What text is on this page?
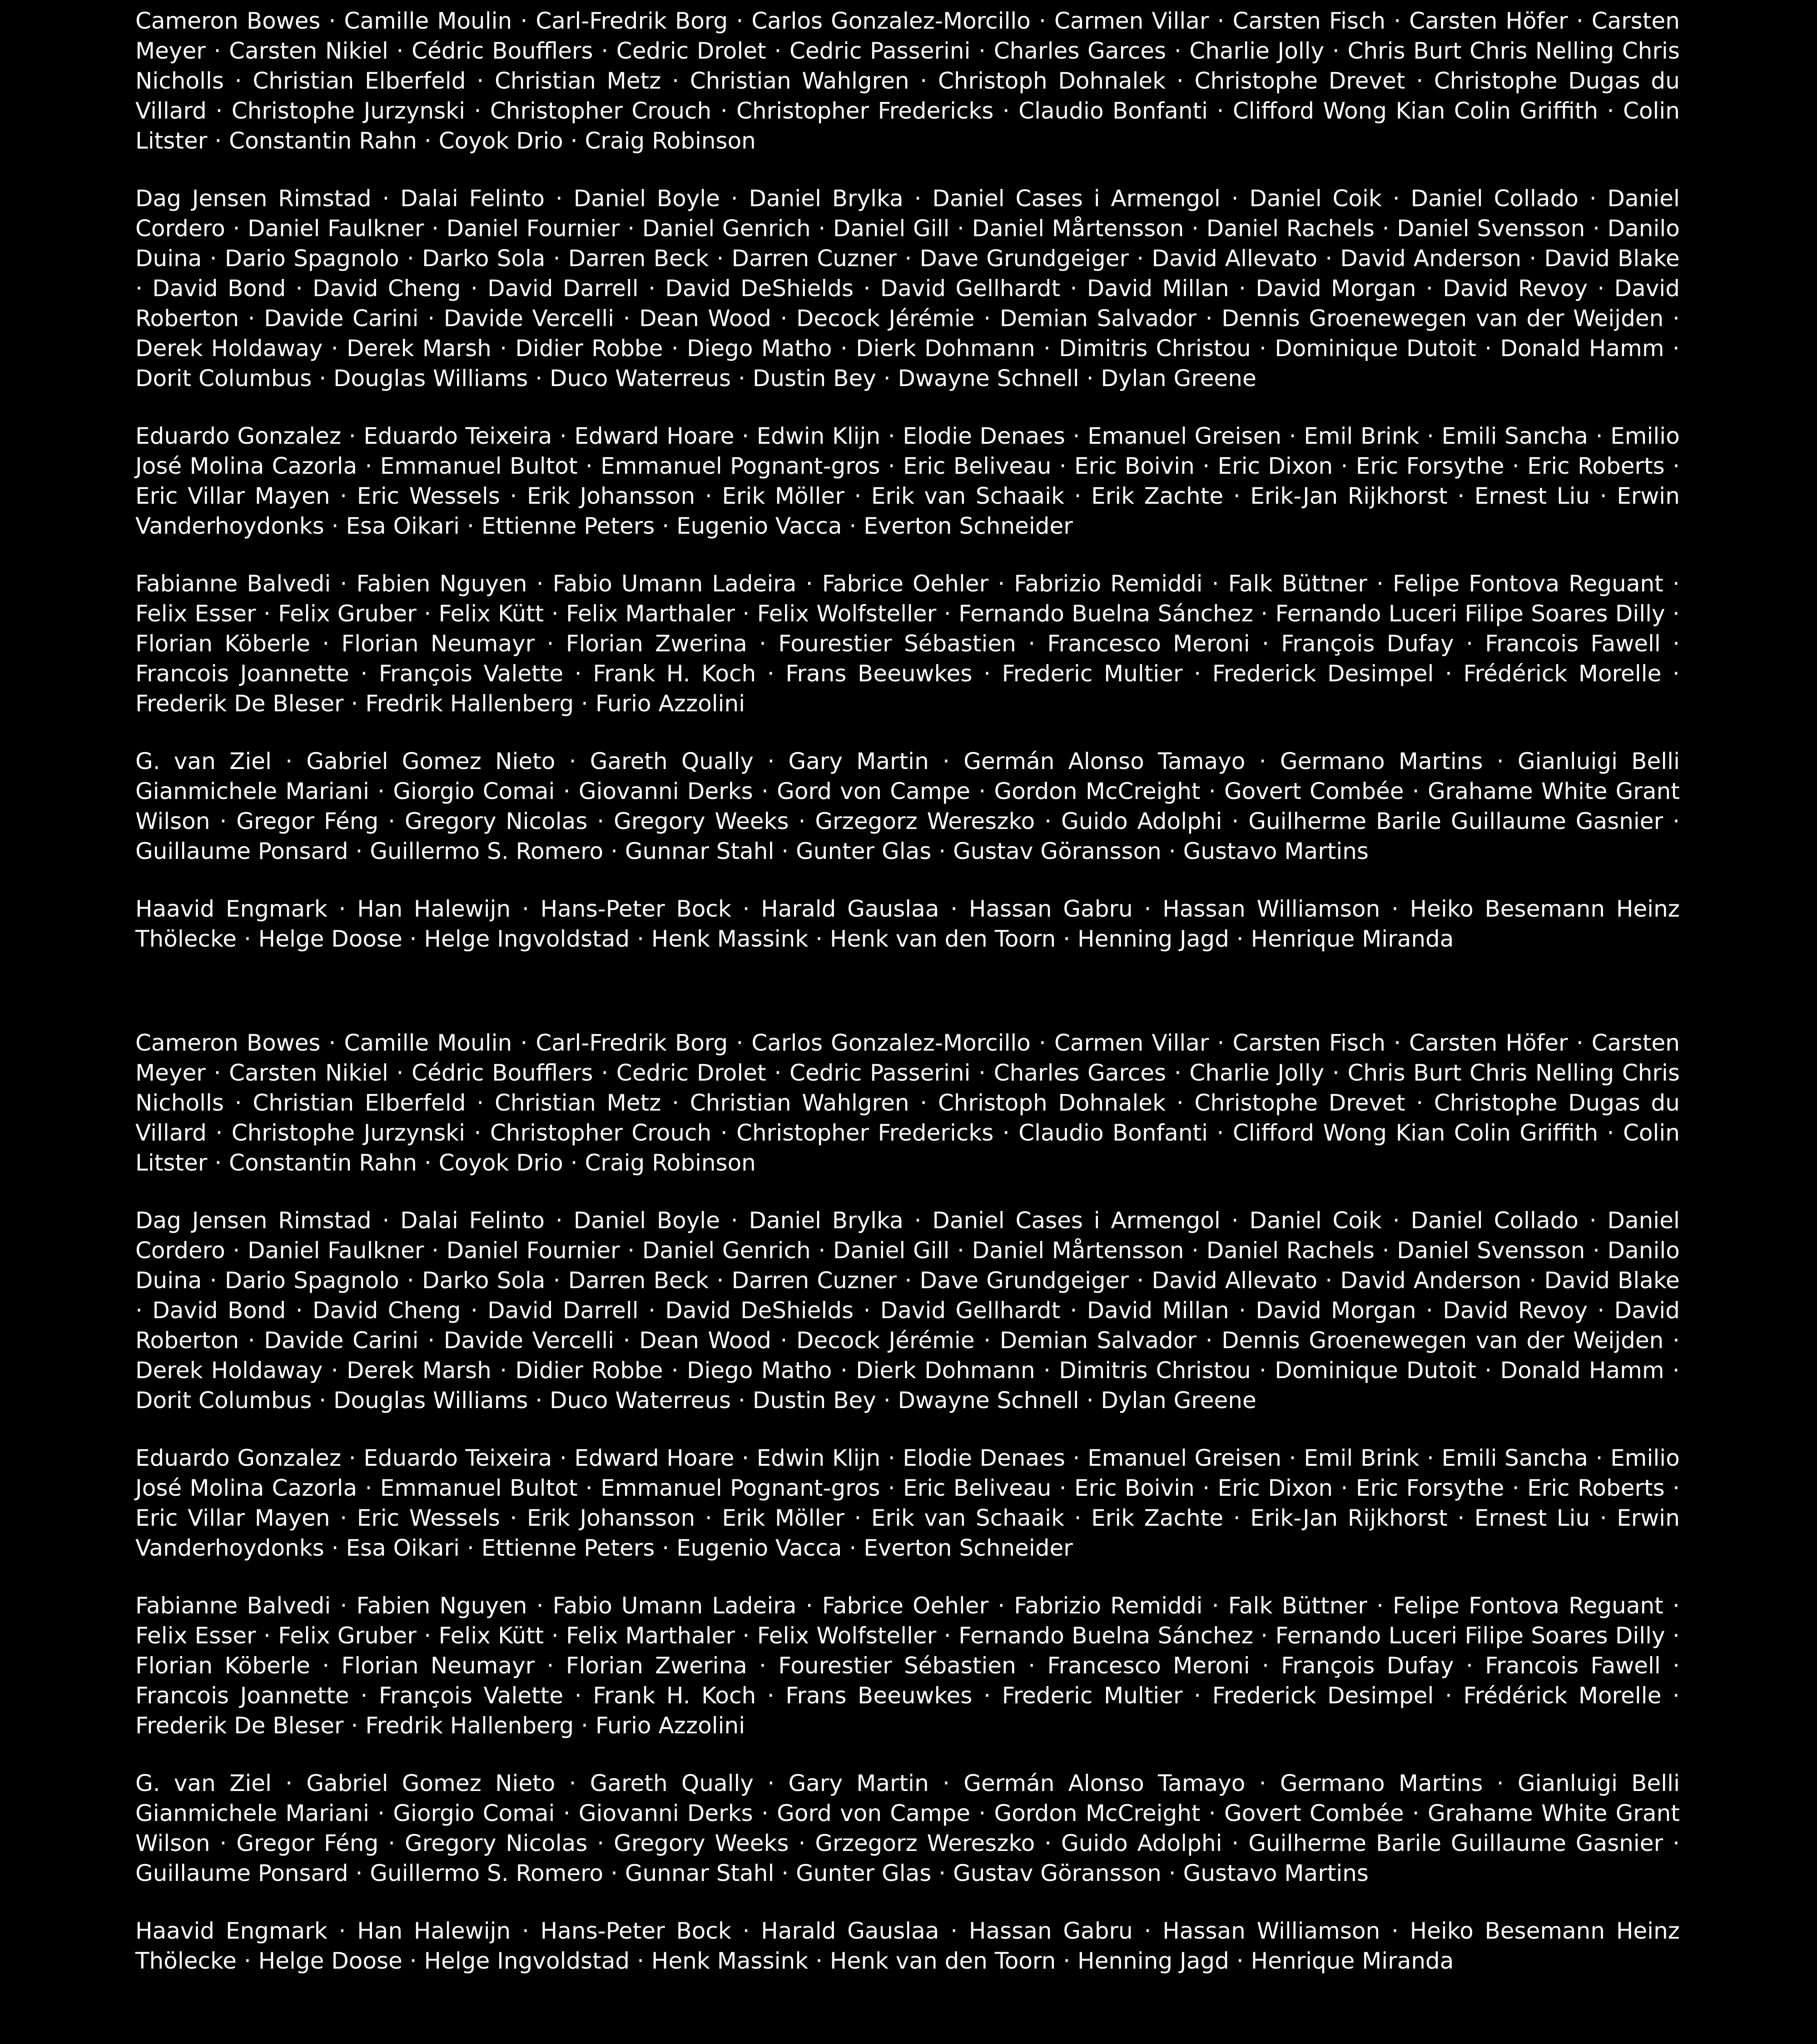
Cameron Bowes · Camille Moulin · Carl-Fredrik Borg · Carlos Gonzalez-Morcillo · Carmen Villar · Carsten Fisch · Carsten Höfer · Carsten Meyer · Carsten Nikiel · Cédric Boufflers · Cedric Drolet · Cedric Passerini · Charles Garces · Charlie Jolly · Chris Burt Chris Nelling Chris Nicholls · Christian Elberfeld · Christian Metz · Christian Wahlgren · Christoph Dohnalek · Christophe Drevet · Christophe Dugas du Villard · Christophe Jurzynski · Christopher Crouch · Christopher Fredericks · Claudio Bonfanti · Clifford Wong Kian Colin Griffith · Colin Litster · Constantin Rahn · Coyok Drio · Craig Robinson

Dag Jensen Rimstad · Dalai Felinto · Daniel Boyle · Daniel Brylka · Daniel Cases i Armengol · Daniel Coik · Daniel Collado · Daniel Cordero · Daniel Faulkner · Daniel Fournier · Daniel Genrich · Daniel Gill · Daniel Mårtensson · Daniel Rachels · Daniel Svensson · Danilo Duina · Dario Spagnolo · Darko Sola · Darren Beck · Darren Cuzner · Dave Grundgeiger · David Allevato · David Anderson · David Blake · David Bond · David Cheng · David Darrell · David DeShields · David Gellhardt · David Millan · David Morgan · David Revoy · David Roberton · Davide Carini · Davide Vercelli · Dean Wood · Decock Jérémie · Demian Salvador · Dennis Groenewegen van der Weijden · Derek Holdaway · Derek Marsh · Didier Robbe · Diego Matho · Dierk Dohmann · Dimitris Christou · Dominique Dutoit · Donald Hamm · Dorit Columbus · Douglas Williams · Duco Waterreus · Dustin Bey · Dwayne Schnell · Dylan Greene

Eduardo Gonzalez · Eduardo Teixeira · Edward Hoare · Edwin Klijn · Elodie Denaes · Emanuel Greisen · Emil Brink · Emili Sancha · Emilio José Molina Cazorla · Emmanuel Bultot · Emmanuel Pognant-gros · Eric Beliveau · Eric Boivin · Eric Dixon · Eric Forsythe · Eric Roberts · Eric Villar Mayen · Eric Wessels · Erik Johansson · Erik Möller · Erik van Schaaik · Erik Zachte · Erik-Jan Rijkhorst · Ernest Liu · Erwin Vanderhoydonks · Esa Oikari · Ettienne Peters · Eugenio Vacca · Everton Schneider

Fabianne Balvedi · Fabien Nguyen · Fabio Umann Ladeira · Fabrice Oehler · Fabrizio Remiddi · Falk Büttner · Felipe Fontova Reguant · Felix Esser · Felix Gruber · Felix Kütt · Felix Marthaler · Felix Wolfsteller · Fernando Buelna Sánchez · Fernando Luceri Filipe Soares Dilly · Florian Köberle · Florian Neumayr · Florian Zwerina · Fourestier Sébastien · Francesco Meroni · François Dufay · Francois Fawell · Francois Joannette · François Valette · Frank H. Koch · Frans Beeuwkes · Frederic Multier · Frederick Desimpel · Frédérick Morelle · Frederik De Bleser · Fredrik Hallenberg · Furio Azzolini

G. van Ziel · Gabriel Gomez Nieto · Gareth Qually · Gary Martin · Germán Alonso Tamayo · Germano Martins · Gianluigi Belli Gianmichele Mariani · Giorgio Comai · Giovanni Derks · Gord von Campe · Gordon McCreight · Govert Combée · Grahame White Grant Wilson · Gregor Féng · Gregory Nicolas · Gregory Weeks · Grzegorz Wereszko · Guido Adolphi · Guilherme Barile Guillaume Gasnier · Guillaume Ponsard · Guillermo S. Romero · Gunnar Stahl · Gunter Glas · Gustav Göransson · Gustavo Martins

Haavid Engmark · Han Halewijn · Hans-Peter Bock · Harald Gauslaa · Hassan Gabru · Hassan Williamson · Heiko Besemann Heinz Thölecke · Helge Doose · Helge Ingvoldstad · Henk Massink · Henk van den Toorn · Henning Jagd · Henrique Miranda

Cameron Bowes · Camille Moulin · Carl-Fredrik Borg · Carlos Gonzalez-Morcillo · Carmen Villar · Carsten Fisch · Carsten Höfer · Carsten Meyer · Carsten Nikiel · Cédric Boufflers · Cedric Drolet · Cedric Passerini · Charles Garces · Charlie Jolly · Chris Burt Chris Nelling Chris Nicholls · Christian Elberfeld · Christian Metz · Christian Wahlgren · Christoph Dohnalek · Christophe Drevet · Christophe Dugas du Villard · Christophe Jurzynski · Christopher Crouch · Christopher Fredericks · Claudio Bonfanti · Clifford Wong Kian Colin Griffith · Colin Litster · Constantin Rahn · Coyok Drio · Craig Robinson

Dag Jensen Rimstad · Dalai Felinto · Daniel Boyle · Daniel Brylka · Daniel Cases i Armengol · Daniel Coik · Daniel Collado · Daniel Cordero · Daniel Faulkner · Daniel Fournier · Daniel Genrich · Daniel Gill · Daniel Mårtensson · Daniel Rachels · Daniel Svensson · Danilo Duina · Dario Spagnolo · Darko Sola · Darren Beck · Darren Cuzner · Dave Grundgeiger · David Allevato · David Anderson · David Blake · David Bond · David Cheng · David Darrell · David DeShields · David Gellhardt · David Millan · David Morgan · David Revoy · David Roberton · Davide Carini · Davide Vercelli · Dean Wood · Decock Jérémie · Demian Salvador · Dennis Groenewegen van der Weijden · Derek Holdaway · Derek Marsh · Didier Robbe · Diego Matho · Dierk Dohmann · Dimitris Christou · Dominique Dutoit · Donald Hamm · Dorit Columbus · Douglas Williams · Duco Waterreus · Dustin Bey · Dwayne Schnell · Dylan Greene

Eduardo Gonzalez · Eduardo Teixeira · Edward Hoare · Edwin Klijn · Elodie Denaes · Emanuel Greisen · Emil Brink · Emili Sancha · Emilio José Molina Cazorla · Emmanuel Bultot · Emmanuel Pognant-gros · Eric Beliveau · Eric Boivin · Eric Dixon · Eric Forsythe · Eric Roberts · Eric Villar Mayen · Eric Wessels · Erik Johansson · Erik Möller · Erik van Schaaik · Erik Zachte · Erik-Jan Rijkhorst · Ernest Liu · Erwin Vanderhoydonks · Esa Oikari · Ettienne Peters · Eugenio Vacca · Everton Schneider

Fabianne Balvedi · Fabien Nguyen · Fabio Umann Ladeira · Fabrice Oehler · Fabrizio Remiddi · Falk Büttner · Felipe Fontova Reguant · Felix Esser · Felix Gruber · Felix Kütt · Felix Marthaler · Felix Wolfsteller · Fernando Buelna Sánchez · Fernando Luceri Filipe Soares Dilly · Florian Köberle · Florian Neumayr · Florian Zwerina · Fourestier Sébastien · Francesco Meroni · François Dufay · Francois Fawell · Francois Joannette · François Valette · Frank H. Koch · Frans Beeuwkes · Frederic Multier · Frederick Desimpel · Frédérick Morelle · Frederik De Bleser · Fredrik Hallenberg · Furio Azzolini

G. van Ziel · Gabriel Gomez Nieto · Gareth Qually · Gary Martin · Germán Alonso Tamayo · Germano Martins · Gianluigi Belli Gianmichele Mariani · Giorgio Comai · Giovanni Derks · Gord von Campe · Gordon McCreight · Govert Combée · Grahame White Grant Wilson · Gregor Féng · Gregory Nicolas · Gregory Weeks · Grzegorz Wereszko · Guido Adolphi · Guilherme Barile Guillaume Gasnier · Guillaume Ponsard · Guillermo S. Romero · Gunnar Stahl · Gunter Glas · Gustav Göransson · Gustavo Martins

Haavid Engmark · Han Halewijn · Hans-Peter Bock · Harald Gauslaa · Hassan Gabru · Hassan Williamson · Heiko Besemann Heinz Thölecke · Helge Doose · Helge Ingvoldstad · Henk Massink · Henk van den Toorn · Henning Jagd · Henrique Miranda
